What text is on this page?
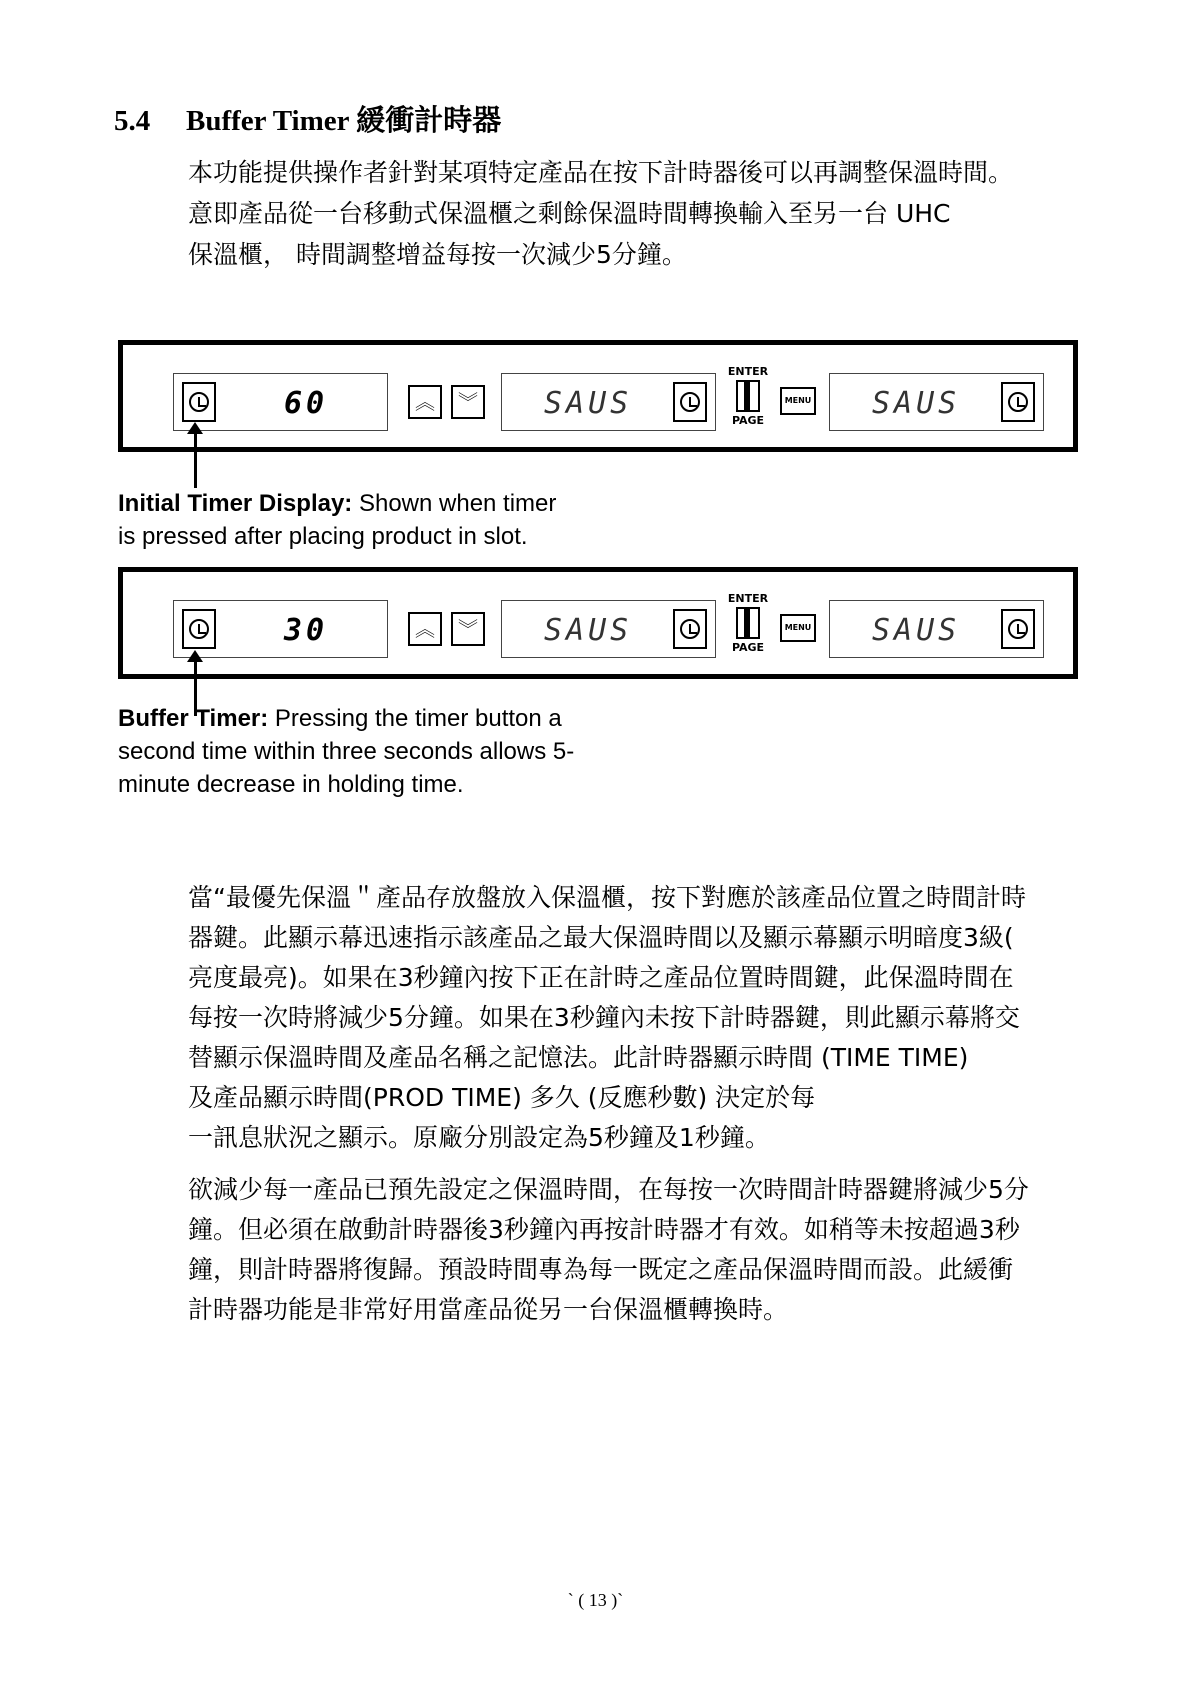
5.4 Buffer Timer 緩衝計時器
本功能提供操作者針對某項特定產品在按下計時器後可以再調整保溫時間。
意即產品從一台移動式保溫櫃之剩餘保溫時間轉換輸入至另一台 UHC
保溫櫃， 時間調整增益每按一次減少5分鐘。
60	︽	︾ SAUS
ENTER
PAGE
MENU SAUS
Initial Timer Display: Shown when timer
is pressed after placing product in slot.
30	︽	︾ SAUS
ENTER
PAGE
MENU SAUS
Buffer Timer: Pressing the timer button a
second time within three seconds allows 5-
minute decrease in holding time.
當“最優先保溫＂產品存放盤放入保溫櫃，按下對應於該產品位置之時間計時
器鍵。此顯示幕迅速指示該產品之最大保溫時間以及顯示幕顯示明暗度3級(
亮度最亮)。如果在3秒鐘內按下正在計時之產品位置時間鍵，此保溫時間在
每按一次時將減少5分鐘。如果在3秒鐘內未按下計時器鍵，則此顯示幕將交
替顯示保溫時間及產品名稱之記憶法。此計時器顯示時間 (TIME TIME)
及產品顯示時間(PROD TIME) 多久 (反應秒數) 決定於每
一訊息狀況之顯示。原廠分別設定為5秒鐘及1秒鐘。
欲減少每一產品已預先設定之保溫時間，在每按一次時間計時器鍵將減少5分
鐘。但必須在啟動計時器後3秒鐘內再按計時器才有效。如稍等未按超過3秒
鐘，則計時器將復歸。預設時間專為每一既定之產品保溫時間而設。此緩衝
計時器功能是非常好用當產品從另一台保溫櫃轉換時。
` ( 13 )`
